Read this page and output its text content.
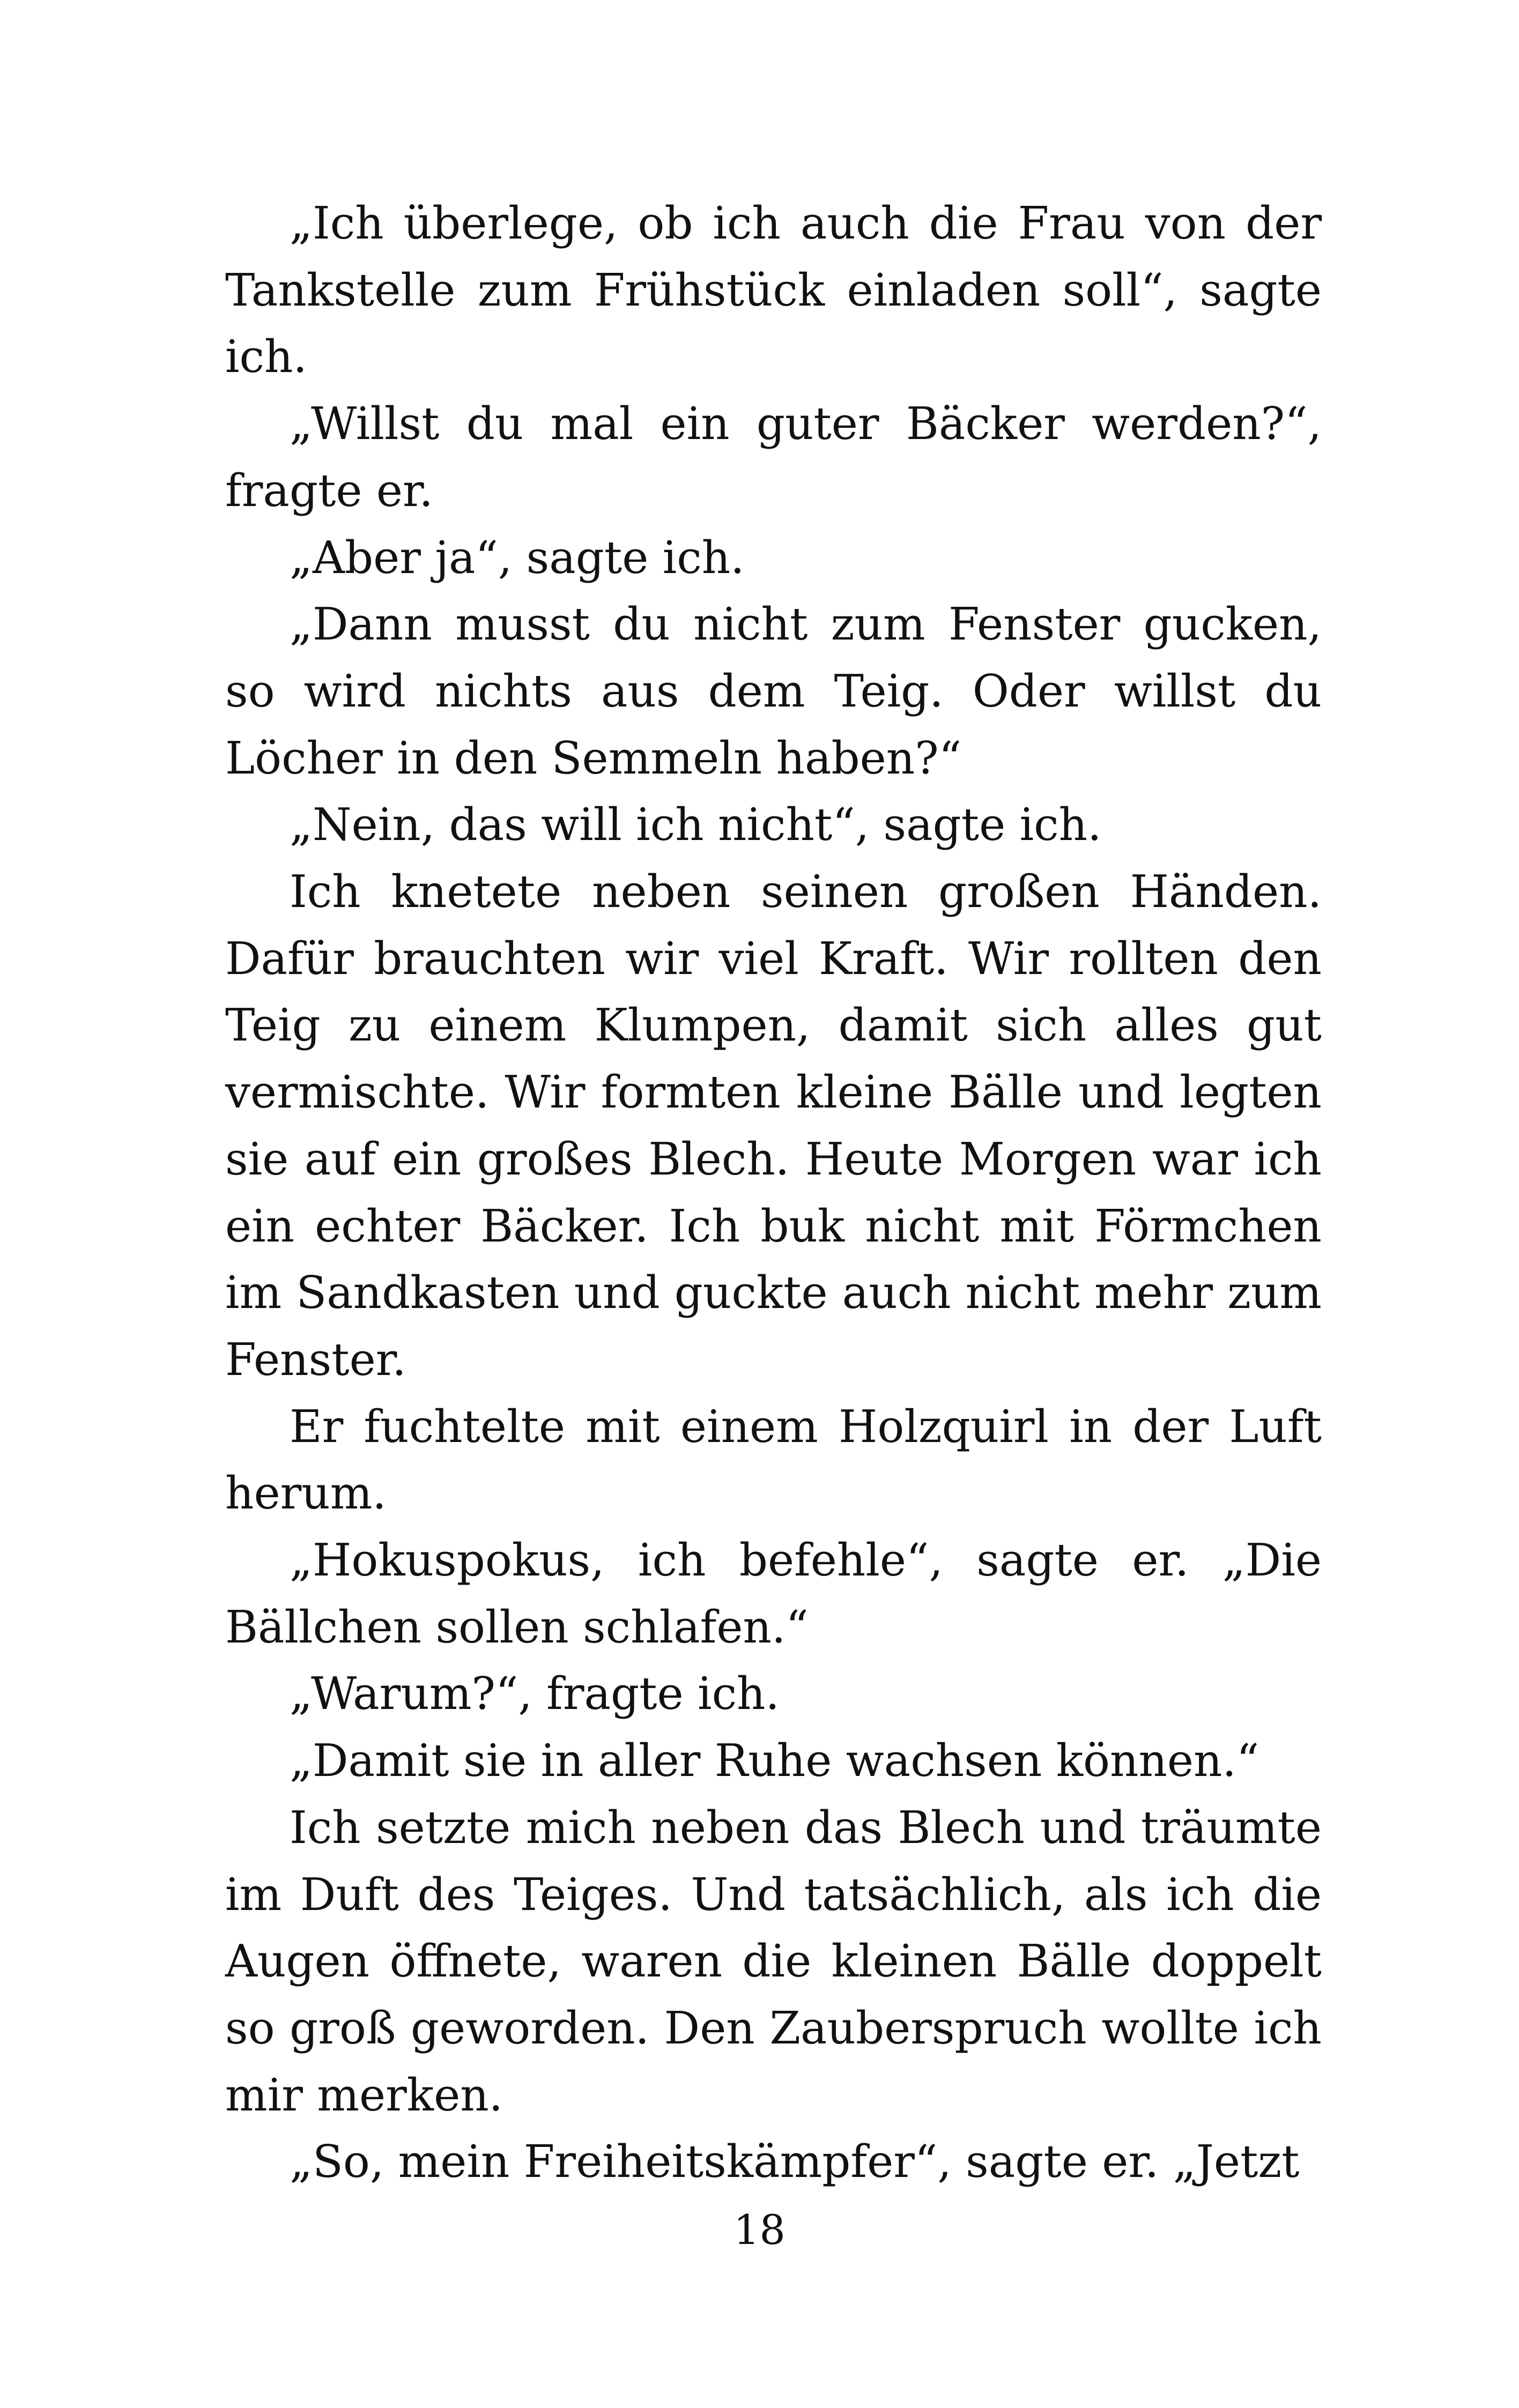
„Ich überlege, ob ich auch die Frau von der Tankstelle zum Frühstück einladen soll“, sagte ich.

„Willst du mal ein guter Bäcker werden?“, fragte er.

„Aber ja“, sagte ich.

„Dann musst du nicht zum Fenster gucken, so wird nichts aus dem Teig. Oder willst du Löcher in den Semmeln haben?“

„Nein, das will ich nicht“, sagte ich.

Ich knetete neben seinen großen Händen. Dafür brauchten wir viel Kraft. Wir rollten den Teig zu einem Klumpen, damit sich alles gut vermischte. Wir formten kleine Bälle und legten sie auf ein großes Blech. Heute Morgen war ich ein echter Bäcker. Ich buk nicht mit Förmchen im Sandkasten und guckte auch nicht mehr zum Fenster.

Er fuchtelte mit einem Holzquirl in der Luft herum.

„Hokuspokus, ich befehle“, sagte er. „Die Bällchen sollen schlafen.“

„Warum?“, fragte ich.

„Damit sie in aller Ruhe wachsen können.“

Ich setzte mich neben das Blech und träumte im Duft des Teiges. Und tatsächlich, als ich die Augen öffnete, waren die kleinen Bälle doppelt so groß geworden. Den Zauberspruch wollte ich mir merken.

„So, mein Freiheitskämpfer“, sagte er. „Jetzt

18
